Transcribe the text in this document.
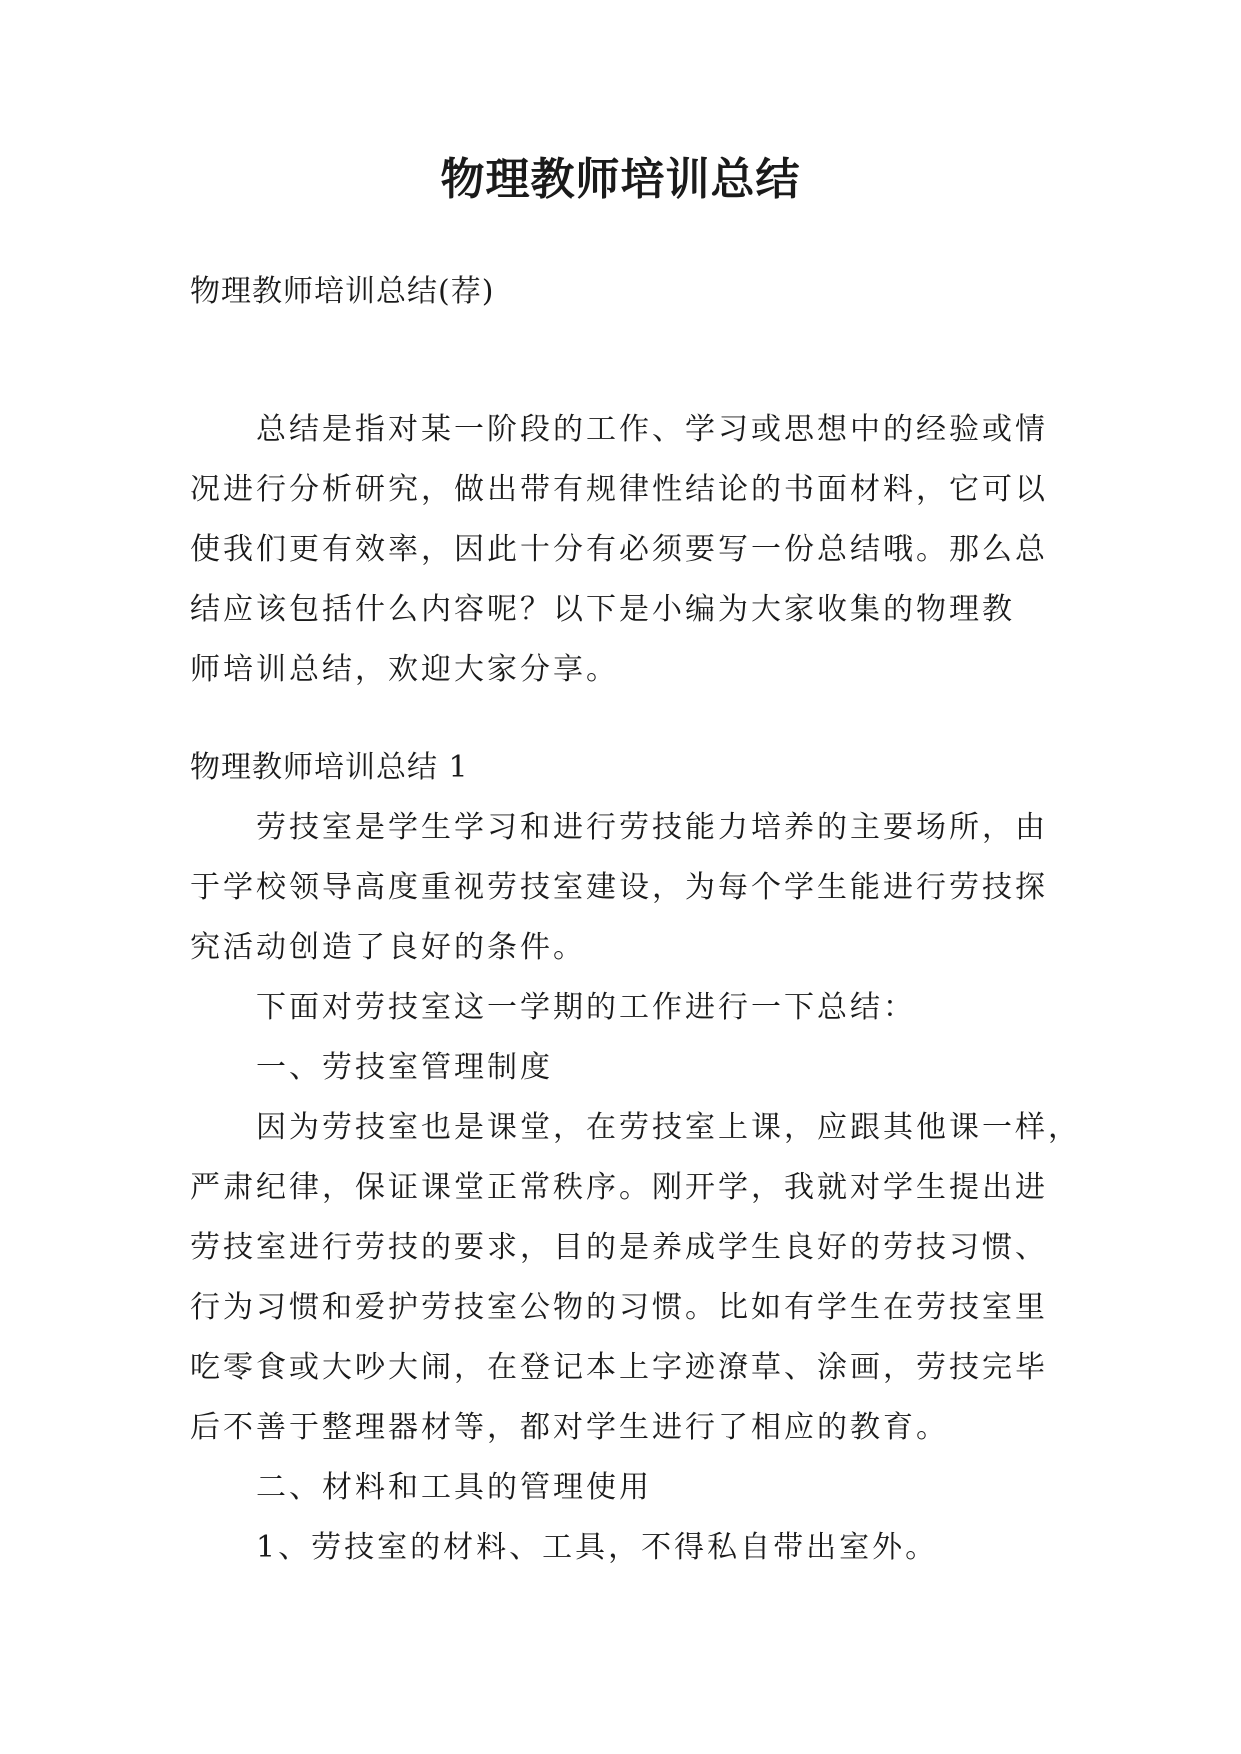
物理教师培训总结

物理教师培训总结(荐)

总结是指对某一阶段的工作、学习或思想中的经验或情
况进行分析研究，做出带有规律性结论的书面材料，它可以
使我们更有效率，因此十分有必须要写一份总结哦。那么总
结应该包括什么内容呢？以下是小编为大家收集的物理教
师培训总结，欢迎大家分享。

物理教师培训总结 1

劳技室是学生学习和进行劳技能力培养的主要场所，由
于学校领导高度重视劳技室建设，为每个学生能进行劳技探
究活动创造了良好的条件。
下面对劳技室这一学期的工作进行一下总结：
一、劳技室管理制度
因为劳技室也是课堂，在劳技室上课，应跟其他课一样，
严肃纪律，保证课堂正常秩序。刚开学，我就对学生提出进
劳技室进行劳技的要求，目的是养成学生良好的劳技习惯、
行为习惯和爱护劳技室公物的习惯。比如有学生在劳技室里
吃零食或大吵大闹，在登记本上字迹潦草、涂画，劳技完毕
后不善于整理器材等，都对学生进行了相应的教育。
二、材料和工具的管理使用
1、劳技室的材料、工具，不得私自带出室外。
